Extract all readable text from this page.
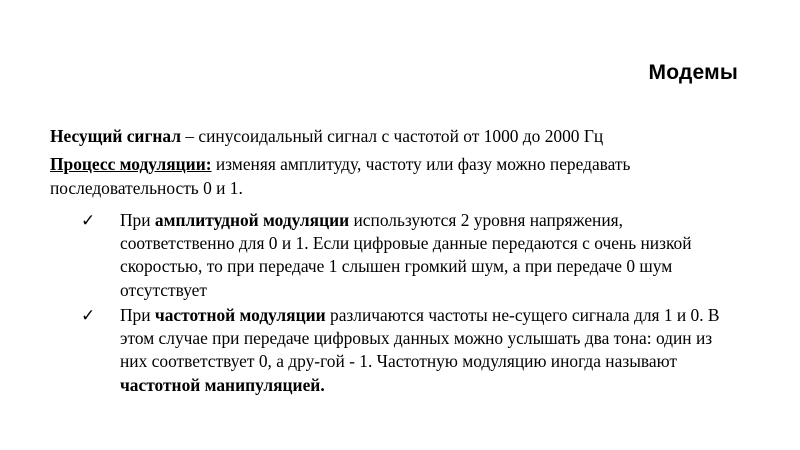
Модемы

Несущий сигнал – синусоидальный сигнал с частотой от 1000 до 2000 Гц

Процесс модуляции: изменяя амплитуду, частоту или фазу можно передавать последовательность 0 и 1.

✓ При амплитудной модуляции используются 2 уровня напряжения, соответственно для 0 и 1. Если цифровые данные передаются с очень низкой скоростью, то при передаче 1 слышен громкий шум, а при передаче 0 шум отсутствует

✓ При частотной модуляции различаются частоты не-сущего сигнала для 1 и 0. В этом случае при передаче цифровых данных можно услышать два тона: один из них соответствует 0, а дру-гой - 1. Частотную модуляцию иногда называют частотной манипуляцией.
